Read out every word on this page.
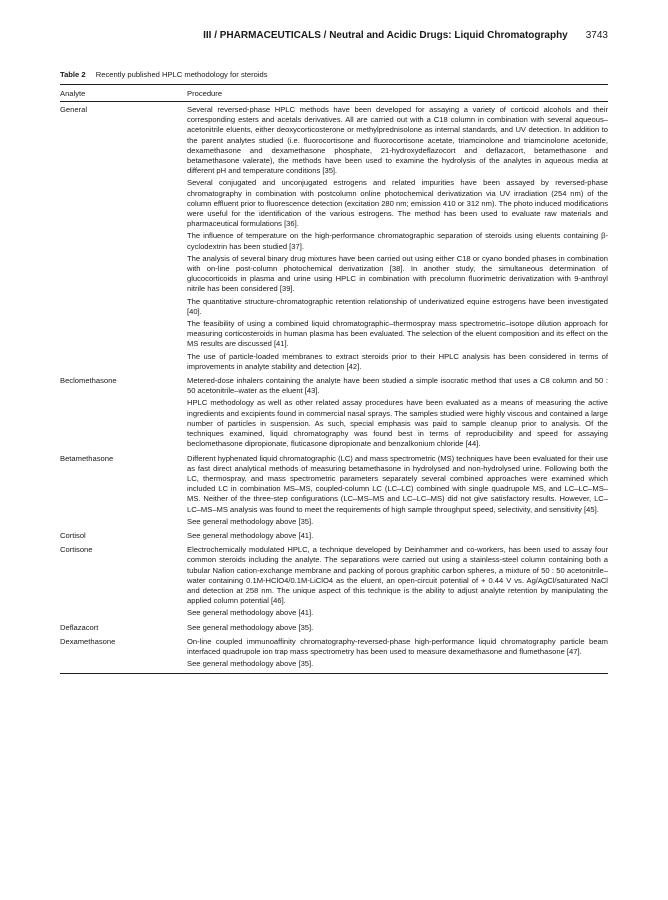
III / PHARMACEUTICALS / Neutral and Acidic Drugs: Liquid Chromatography 3743
Table 2 Recently published HPLC methodology for steroids
Analyte	Procedure
General	Several reversed-phase HPLC methods have been developed for assaying a variety of corticoid alcohols and their corresponding esters and acetals derivatives. All are carried out with a C18 column in combination with several aqueous–acetonitrile eluents, either deoxycorticosterone or methylprednisolone as internal standards, and UV detection. In addition to the parent analytes studied (i.e. fluorocortisone and fluorocortisone acetate, triamcinolone and triamcinolone acetonide, dexamethasone and dexamethasone phosphate, 21-hydroxydeflazocort and deflazacort, betamethasone and betamethasone valerate), the methods have been used to examine the hydrolysis of the analytes in aqueous media at different pH and temperature conditions [35].

Several conjugated and unconjugated estrogens and related impurities have been assayed by reversed-phase chromatography in combination with postcolumn online photochemical derivatization via UV irradiation (254 nm) of the column effluent prior to fluorescence detection (excitation 280 nm; emission 410 or 312 nm). The photo induced modifications were useful for the identification of the various estrogens. The method has been used to evaluate raw materials and pharmaceutical formulations [36].

The influence of temperature on the high-performance chromatographic separation of steroids using eluents containing β-cyclodextrin has been studied [37].

The analysis of several binary drug mixtures have been carried out using either C18 or cyano bonded phases in combination with on-line post-column photochemical derivatization [38]. In another study, the simultaneous determination of glucocorticoids in plasma and urine using HPLC in combination with precolumn fluorimetric derivatization with 9-anthroyl nitrile has been considered [39].

The quantitative structure-chromatographic retention relationship of underivatized equine estrogens have been investigated [40].

The feasibility of using a combined liquid chromatographic–thermospray mass spectrometric–isotope dilution approach for measuring corticosteroids in human plasma has been evaluated. The selection of the eluent composition and its effect on the MS results are discussed [41].

The use of particle-loaded membranes to extract steroids prior to their HPLC analysis has been considered in terms of improvements in analyte stability and detection [42].

Beclomethasone	Metered-dose inhalers containing the analyte have been studied a simple isocratic method that uses a C8 column and 50 : 50 acetonitrile–water as the eluent [43].

HPLC methodology as well as other related assay procedures have been evaluated as a means of measuring the active ingredients and excipients found in commercial nasal sprays. The samples studied were highly viscous and contained a large number of particles in suspension. As such, special emphasis was paid to sample cleanup prior to analysis. Of the techniques examined, liquid chromatography was found best in terms of reproducibility and speed for assaying beclomethasone dipropionate, fluticasone dipropionate and benzalkonium chloride [44].

Betamethasone	Different hyphenated liquid chromatographic (LC) and mass spectrometric (MS) techniques have been evaluated for their use as fast direct analytical methods of measuring betamethasone in hydrolysed and non-hydrolysed urine. Following both the LC, thermospray, and mass spectrometric parameters separately several combined approaches were examined which included LC in combination MS–MS, coupled-column LC (LC–LC) combined with single quadrupole MS, and LC–LC–MS–MS. Neither of the three-step configurations (LC–MS–MS and LC–LC–MS) did not give satisfactory results. However, LC–LC–MS–MS analysis was found to meet the requirements of high sample throughput speed, selectivity, and sensitivity [45].

See general methodology above [35].

Cortisol	See general methodology above [41].

Cortisone	Electrochemically modulated HPLC, a technique developed by Deinhammer and co-workers, has been used to assay four common steroids including the analyte. The separations were carried out using a stainless-steel column containing both a tubular Nafion cation-exchange membrane and packing of porous graphitic carbon spheres, a mixture of 50 : 50 acetonitrile–water containing 0.1M-HClO4/0.1M-LiClO4 as the eluent, an open-circuit potential of + 0.44 V vs. Ag/AgCl/saturated NaCl and detection at 258 nm. The unique aspect of this technique is the ability to adjust analyte retention by manipulating the applied column potential [46].

See general methodology above [41].

Deflazacort	See general methodology above [35].

Dexamethasone	On-line coupled immunoaffinity chromatography-reversed-phase high-performance liquid chromatography particle beam interfaced quadrupole ion trap mass spectrometry has been used to measure dexamethasone and flumethasone [47].

See general methodology above [35].
